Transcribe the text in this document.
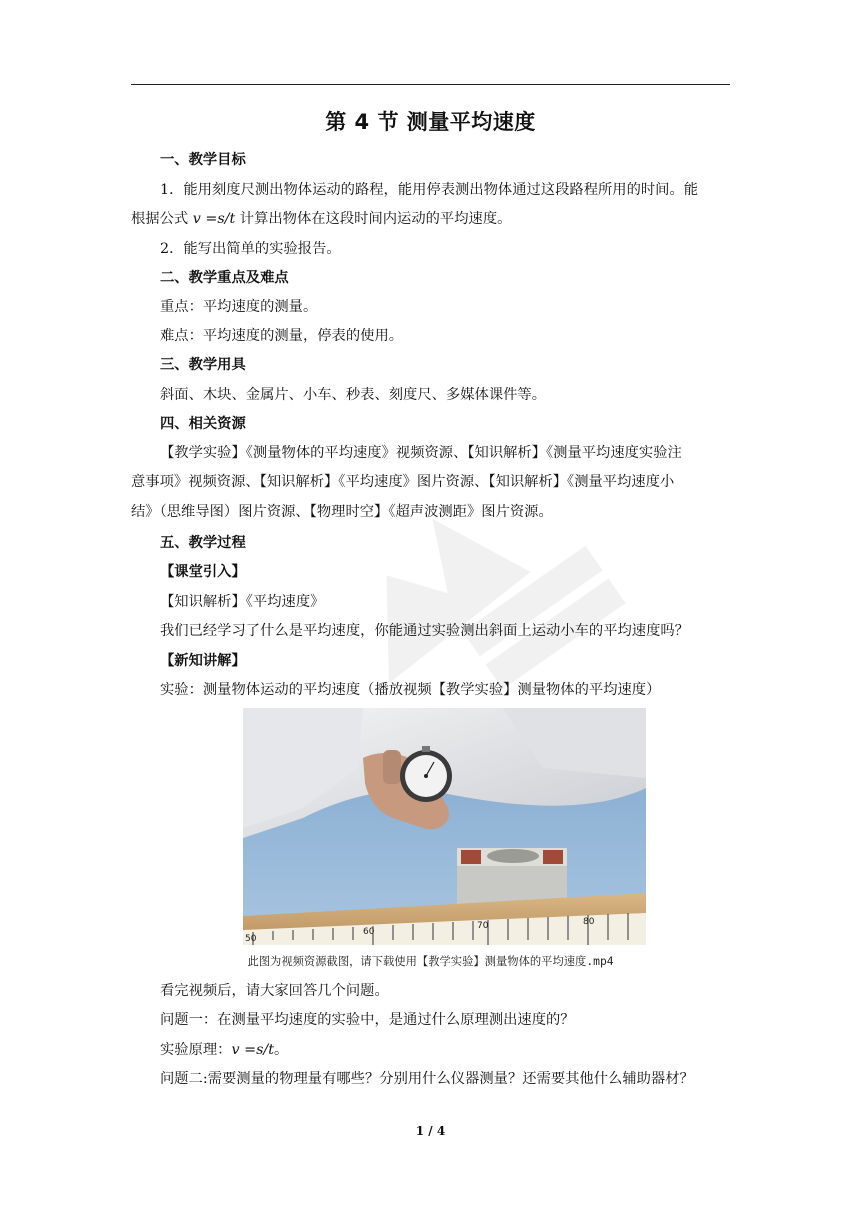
第 4 节 测量平均速度
一、教学目标
1．能用刻度尺测出物体运动的路程，能用停表测出物体通过这段路程所用的时间。能
根据公式 v =s/t 计算出物体在这段时间内运动的平均速度。
2．能写出简单的实验报告。
二、教学重点及难点
重点：平均速度的测量。
难点：平均速度的测量，停表的使用。
三、教学用具
斜面、木块、金属片、小车、秒表、刻度尺、多媒体课件等。
四、相关资源
【教学实验】《测量物体的平均速度》视频资源、【知识解析】《测量平均速度实验注
意事项》视频资源、【知识解析】《平均速度》图片资源、【知识解析】《测量平均速度小
结》（思维导图）图片资源、【物理时空】《超声波测距》图片资源。
五、教学过程
【课堂引入】
【知识解析】《平均速度》
我们已经学习了什么是平均速度，你能通过实验测出斜面上运动小车的平均速度吗？
【新知讲解】
实验：测量物体运动的平均速度（播放视频【教学实验】测量物体的平均速度）
50
60
70	80
此图为视频资源截图，请下载使用【教学实验】测量物体的平均速度.mp4
看完视频后，请大家回答几个问题。
问题一：在测量平均速度的实验中，是通过什么原理测出速度的？
实验原理：v =s/t。
问题二:需要测量的物理量有哪些？分别用什么仪器测量？还需要其他什么辅助器材？
1 / 4
